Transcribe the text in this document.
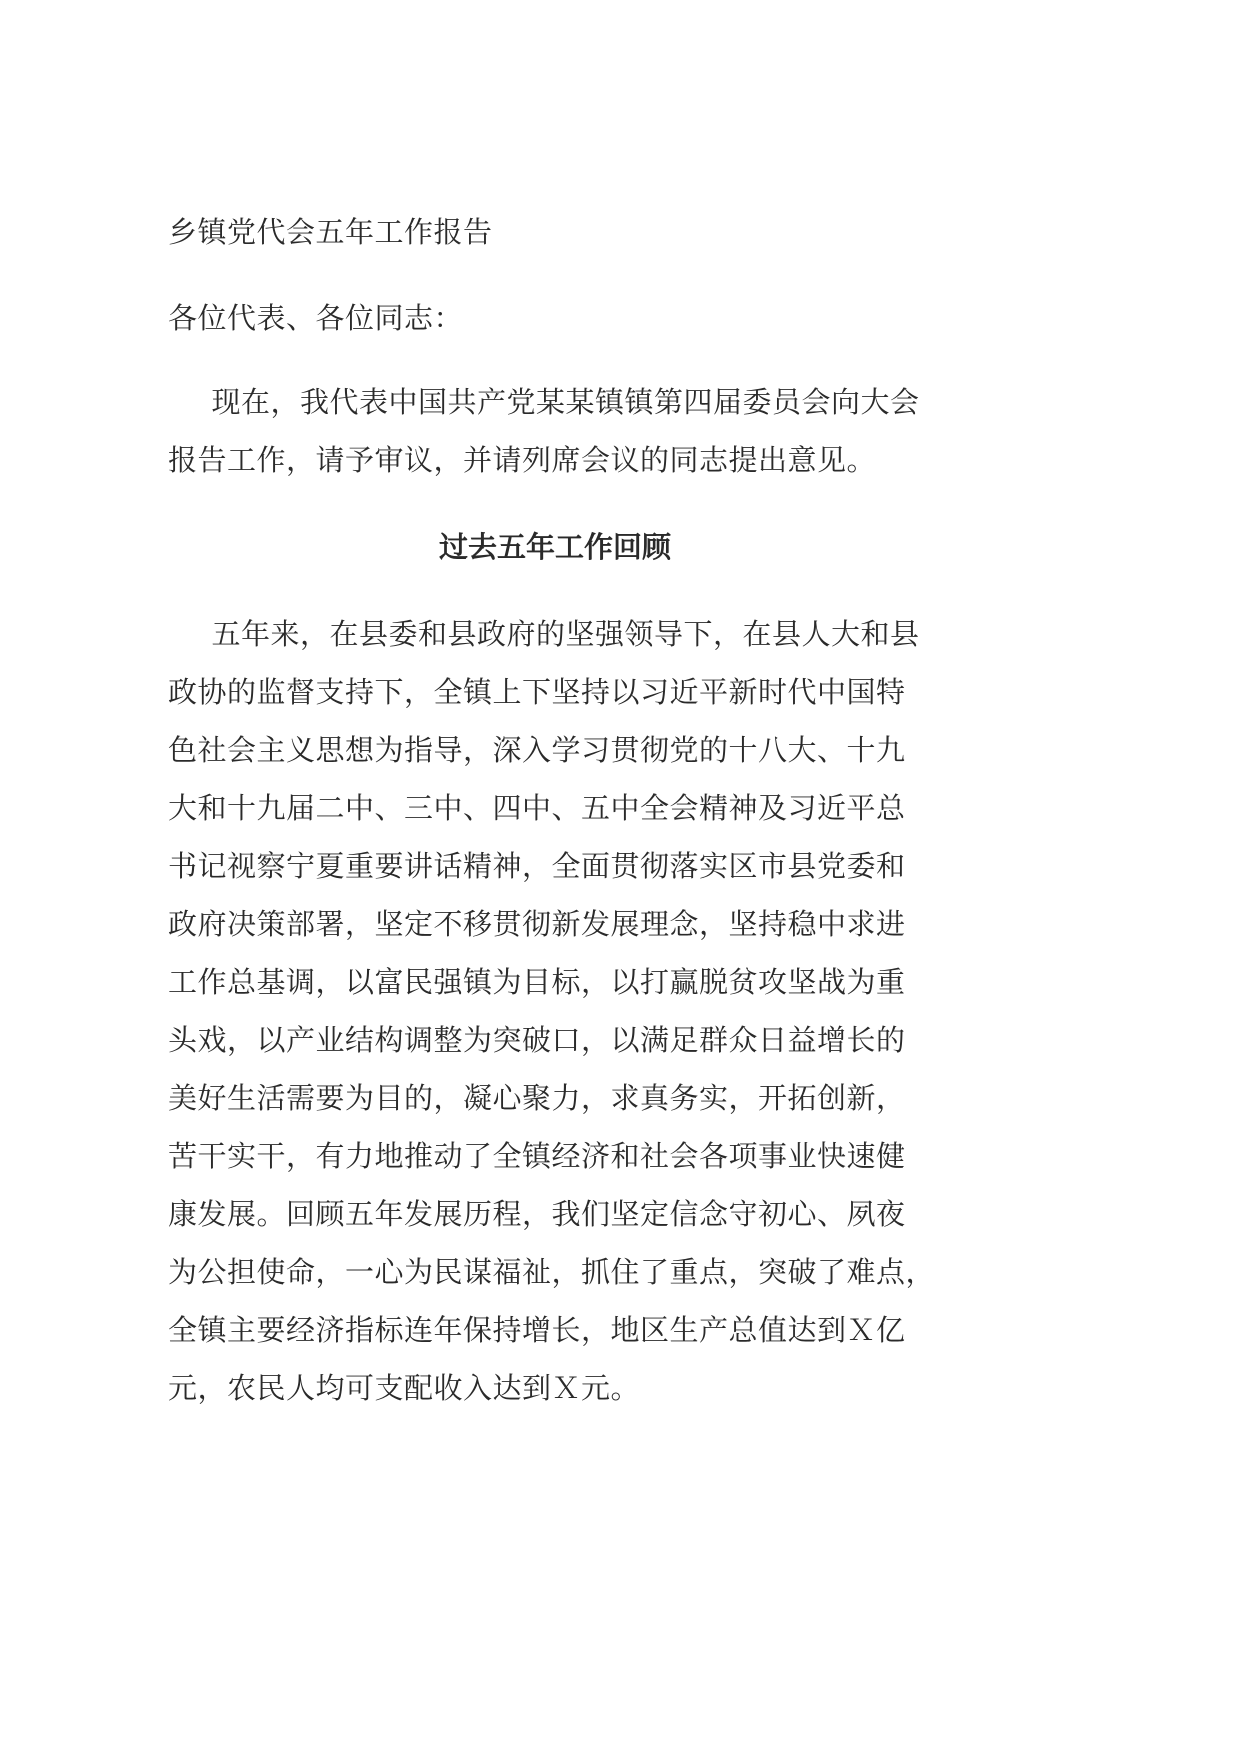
乡镇党代会五年工作报告
各位代表、各位同志：
　现在，我代表中国共产党某某镇镇第四届委员会向大会
报告工作，请予审议，并请列席会议的同志提出意见。
过去五年工作回顾
　五年来，在县委和县政府的坚强领导下，在县人大和县
政协的监督支持下，全镇上下坚持以习近平新时代中国特
色社会主义思想为指导，深入学习贯彻党的十八大、十九
大和十九届二中、三中、四中、五中全会精神及习近平总
书记视察宁夏重要讲话精神，全面贯彻落实区市县党委和
政府决策部署，坚定不移贯彻新发展理念，坚持稳中求进
工作总基调，以富民强镇为目标，以打赢脱贫攻坚战为重
头戏，以产业结构调整为突破口，以满足群众日益增长的
美好生活需要为目的，凝心聚力，求真务实，开拓创新，
苦干实干，有力地推动了全镇经济和社会各项事业快速健
康发展。回顾五年发展历程，我们坚定信念守初心、夙夜
为公担使命，一心为民谋福祉，抓住了重点，突破了难点，
全镇主要经济指标连年保持增长，地区生产总值达到Ｘ亿
元，农民人均可支配收入达到Ｘ元。
